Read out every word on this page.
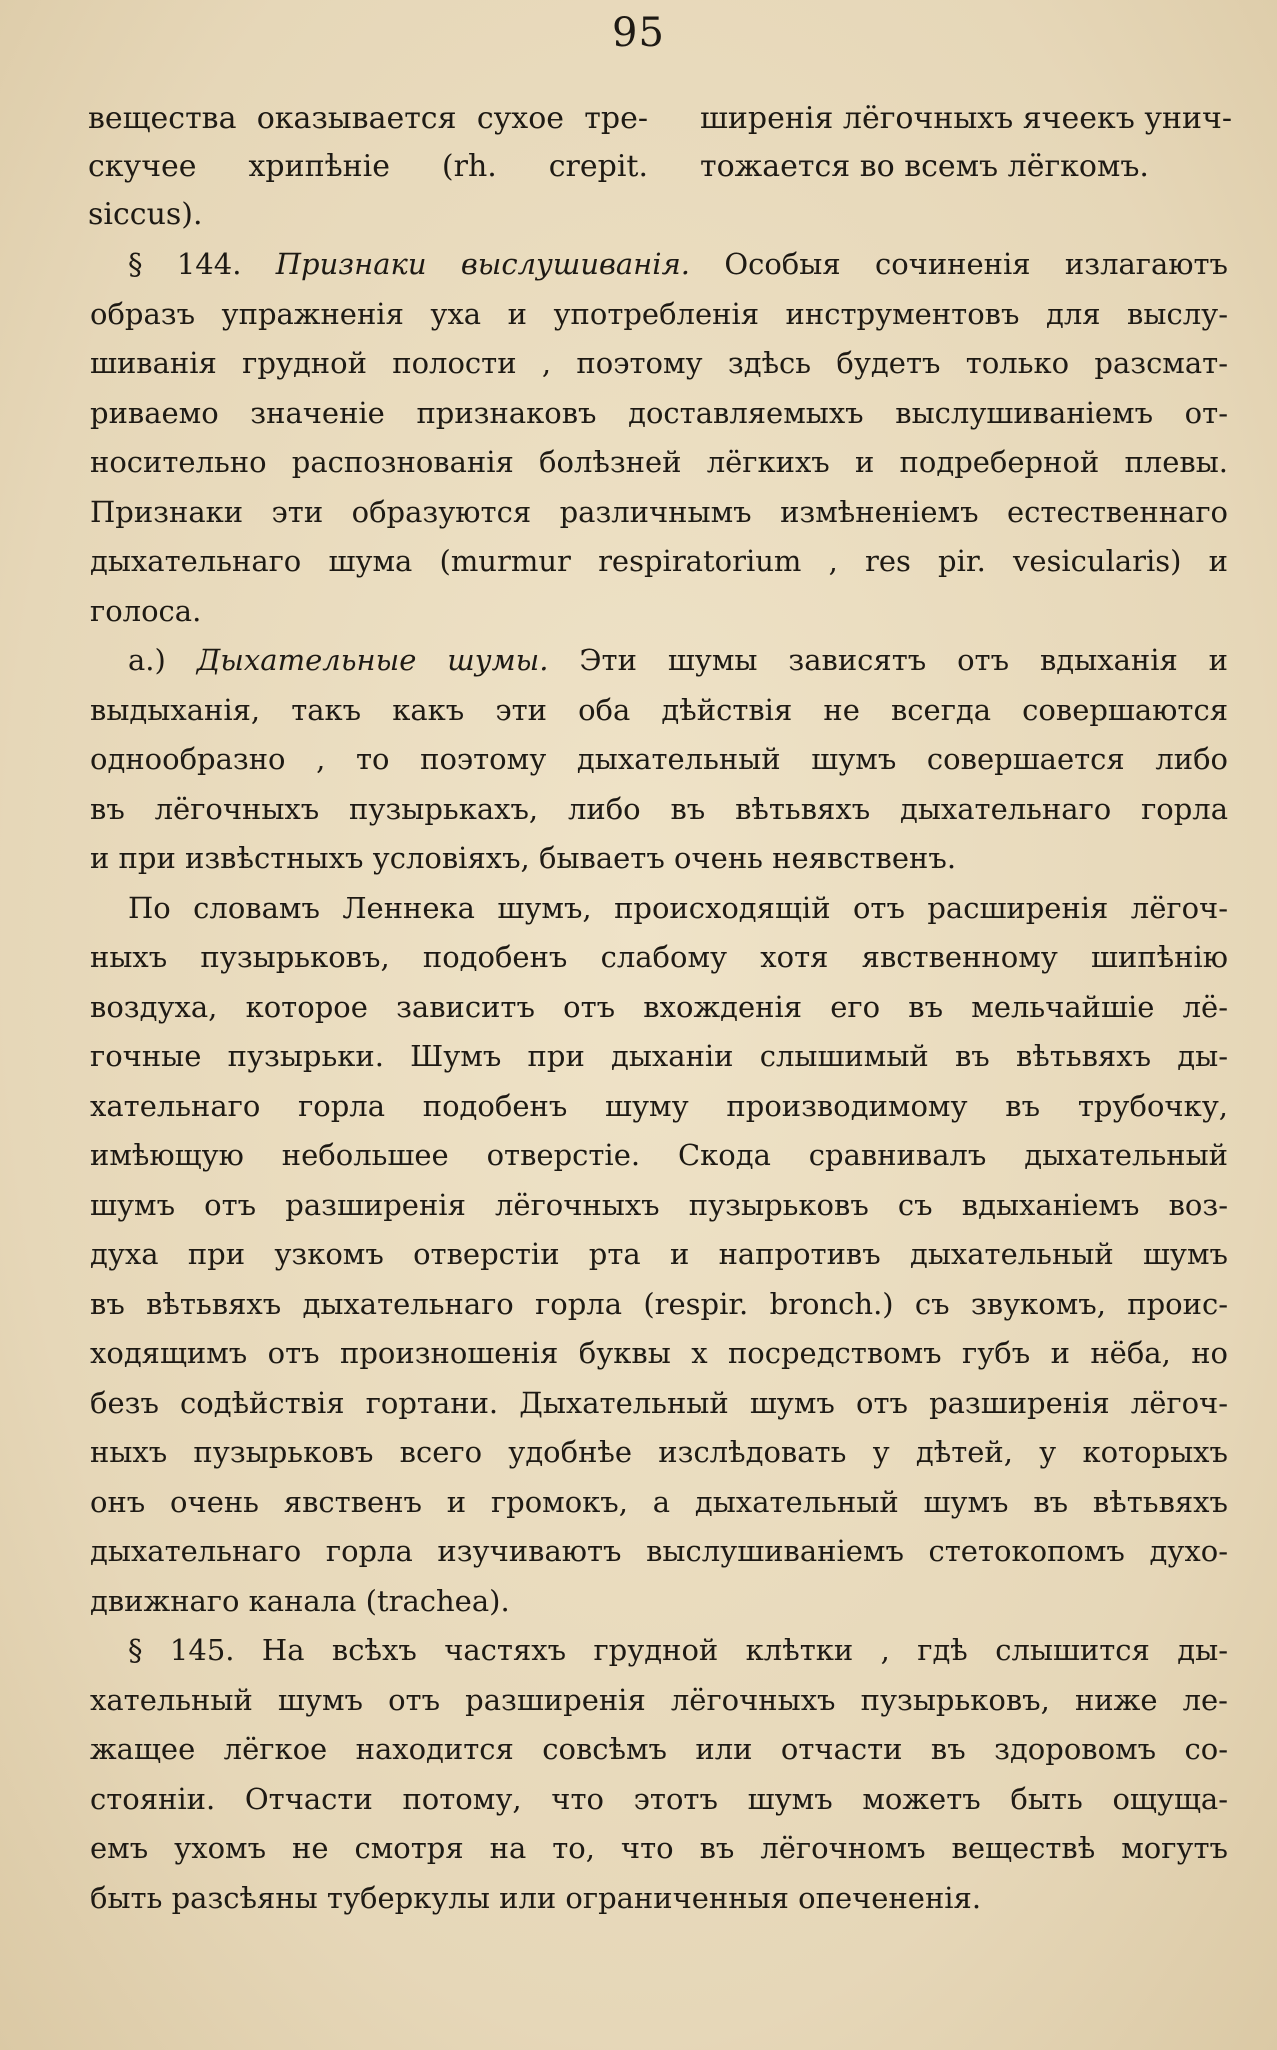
95
вещества оказывается сухое тре-
скучее хрипѣніе (rh. crepit.
siccus).
ширенія лёгочныхъ ячеекъ унич-
тожается во всемъ лёгкомъ.
§ 144. Признаки выслушиванія. Особыя сочиненія излагаютъ
образъ упражненія уха и употребленія инструментовъ для выслу-
шиванія грудной полости , поэтому здѣсь будетъ только разсмат-
риваемо значеніе признаковъ доставляемыхъ выслушиваніемъ от-
носительно распознованія болѣзней лёгкихъ и подреберной плевы.
Признаки эти образуются различнымъ измѣненіемъ естественнаго
дыхательнаго шума (murmur respiratorium , res pir. vesicularis) и
голоса.
а.) Дыхательные шумы. Эти шумы зависятъ отъ вдыханія и
выдыханія, такъ какъ эти оба дѣйствія не всегда совершаются
однообразно , то поэтому дыхательный шумъ совершается либо
въ лёгочныхъ пузырькахъ, либо въ вѣтьвяхъ дыхательнаго горла
и при извѣстныхъ условіяхъ, бываетъ очень неявственъ.
По словамъ Леннека шумъ, происходящій отъ расширенія лёгоч-
ныхъ пузырьковъ, подобенъ слабому хотя явственному шипѣнію
воздуха, которое зависитъ отъ вхожденія его въ мельчайшіе лё-
гочные пузырьки. Шумъ при дыханіи слышимый въ вѣтьвяхъ ды-
хательнаго горла подобенъ шуму производимому въ трубочку,
имѣющую небольшее отверстіе. Скода сравнивалъ дыхательный
шумъ отъ разширенія лёгочныхъ пузырьковъ съ вдыханіемъ воз-
духа при узкомъ отверстіи рта и напротивъ дыхательный шумъ
въ вѣтьвяхъ дыхательнаго горла (respir. bronch.) съ звукомъ, проис-
ходящимъ отъ произношенія буквы х посредствомъ губъ и нёба, но
безъ содѣйствія гортани. Дыхательный шумъ отъ разширенія лёгоч-
ныхъ пузырьковъ всего удобнѣе изслѣдовать у дѣтей, у которыхъ
онъ очень явственъ и громокъ, а дыхательный шумъ въ вѣтьвяхъ
дыхательнаго горла изучиваютъ выслушиваніемъ стетокопомъ духо-
движнаго канала (trachea).
§ 145. На всѣхъ частяхъ грудной клѣтки , гдѣ слышится ды-
хательный шумъ отъ разширенія лёгочныхъ пузырьковъ, ниже ле-
жащее лёгкое находится совсѣмъ или отчасти въ здоровомъ со-
стояніи. Отчасти потому, что этотъ шумъ можетъ быть ощуща-
емъ ухомъ не смотря на то, что въ лёгочномъ веществѣ могутъ
быть разсѣяны туберкулы или ограниченныя опечененія.
